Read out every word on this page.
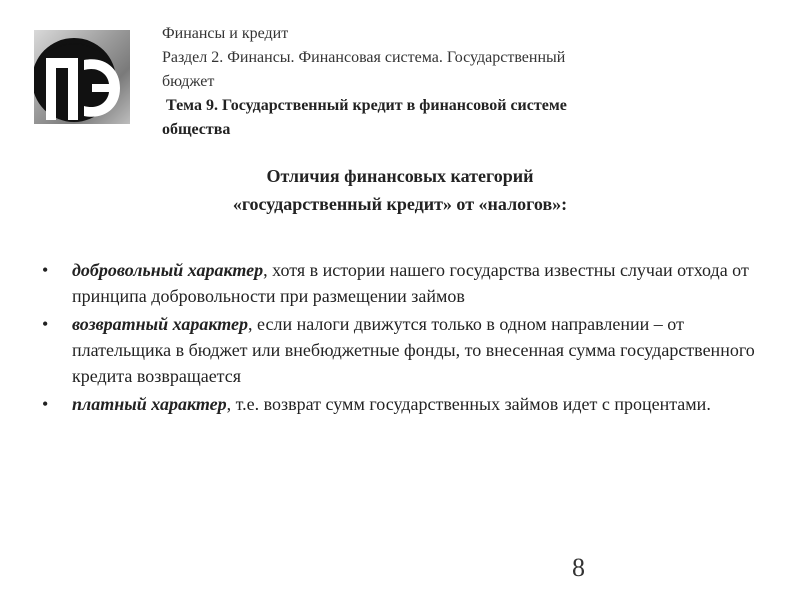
Финансы и кредит
Раздел 2. Финансы. Финансовая система. Государственный
бюджет
Тема 9. Государственный кредит в финансовой системе
общества
Отличия финансовых категорий
«государственный кредит» от «налогов»:
• добровольный характер, хотя в истории нашего государства известны случаи отхода от принципа добровольности при размещении займов
• возвратный характер, если налоги движутся только в одном направлении – от плательщика в бюджет или внебюджетные фонды, то внесенная сумма государственного кредита возвращается
• платный характер, т.е. возврат сумм государственных займов идет с процентами.
8
